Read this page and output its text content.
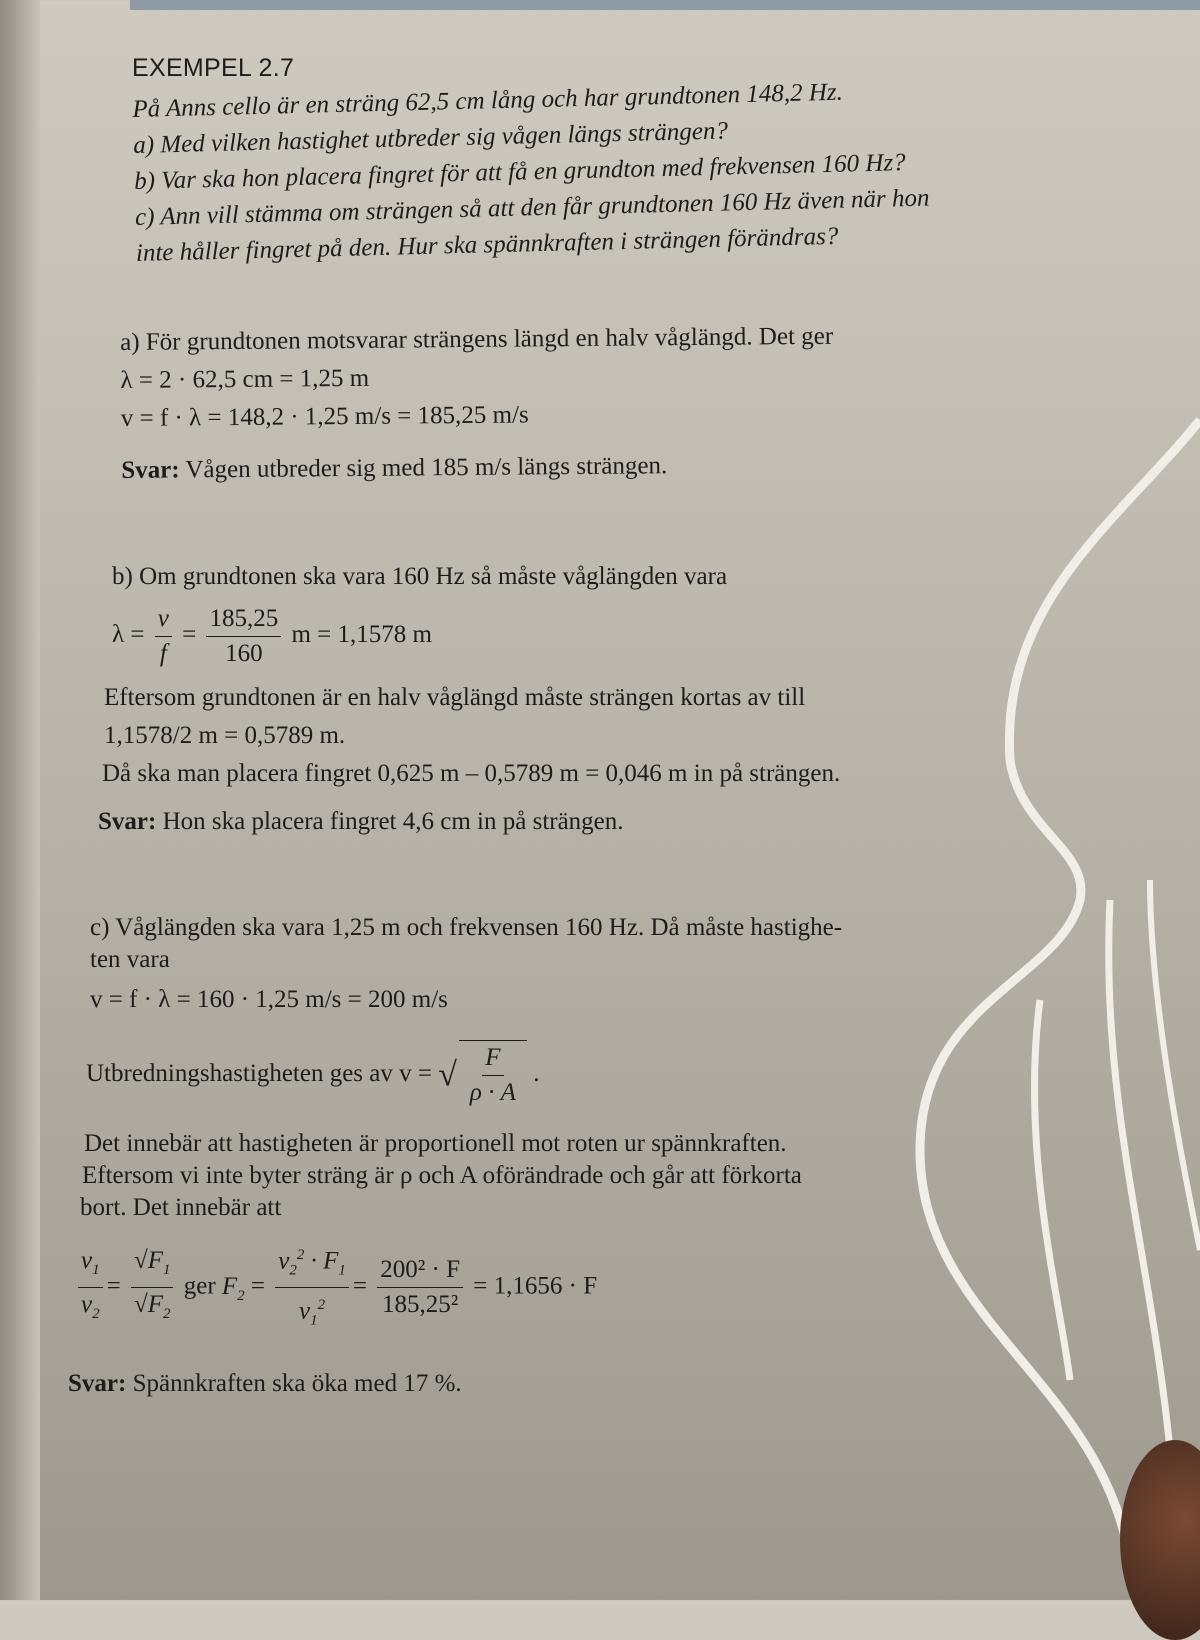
EXEMPEL 2.7
På Anns cello är en sträng 62,5 cm lång och har grundtonen 148,2 Hz.
a) Med vilken hastighet utbreder sig vågen längs strängen?
b) Var ska hon placera fingret för att få en grundton med frekvensen 160 Hz?
c) Ann vill stämma om strängen så att den får grundtonen 160 Hz även när hon
inte håller fingret på den. Hur ska spännkraften i strängen förändras?
a) För grundtonen motsvarar strängens längd en halv våglängd. Det ger
λ = 2 · 62,5 cm = 1,25 m
v = f · λ = 148,2 · 1,25 m/s = 185,25 m/s
Svar: Vågen utbreder sig med 185 m/s längs strängen.
b) Om grundtonen ska vara 160 Hz så måste våglängden vara
$\lambda = \frac{v}{f} = \frac{185,25}{160}$ m = 1,1578 m
Eftersom grundtonen är en halv våglängd måste strängen kortas av till
1,1578/2 m = 0,5789 m.
Då ska man placera fingret 0,625 m – 0,5789 m = 0,046 m in på strängen.
Svar: Hon ska placera fingret 4,6 cm in på strängen.
c) Våglängden ska vara 1,25 m och frekvensen 160 Hz. Då måste hastighe-
ten vara
v = f · λ = 160 · 1,25 m/s = 200 m/s
Utbredningshastigheten ges av v = √ $\frac{F}{\rho \cdot A}$ .
Det innebär att hastigheten är proportionell mot roten ur spännkraften.
Eftersom vi inte byter sträng är ρ och A oförändrade och går att förkorta
bort. Det innebär att
$\frac{v_1}{v_2} = \frac{√F_1}{√F_2}$ ger $F_2 = \frac{v_2^2 \cdot F_1}{v_1^2} = \frac{\text{200² · F}}{\text{185,25²}} = 1,1656 \cdot F$
Svar: Spännkraften ska öka med 17 %.
